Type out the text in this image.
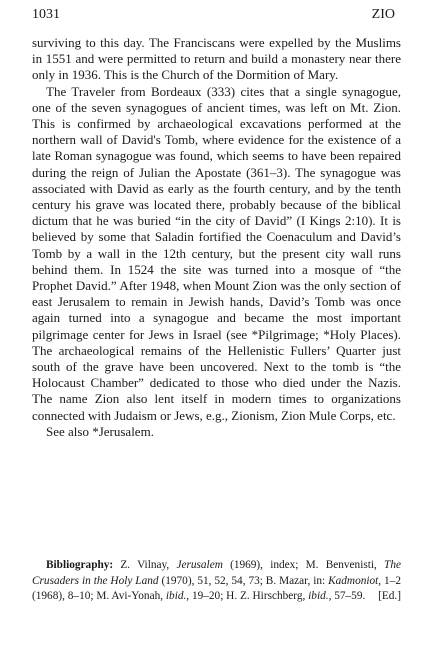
1031	ZIO

surviving to this day. The Franciscans were expelled by the Muslims in 1551 and were permitted to return and build a monastery near there only in 1936. This is the Church of the Dormition of Mary.

The Traveler from Bordeaux (333) cites that a single synagogue, one of the seven synagogues of ancient times, was left on Mt. Zion. This is confirmed by archaeological excavations performed at the northern wall of David's Tomb, where evidence for the existence of a late Roman synagogue was found, which seems to have been repaired during the reign of Julian the Apostate (361–3). The synagogue was associated with David as early as the fourth century, and by the tenth century his grave was located there, probably because of the biblical dictum that he was buried “in the city of David” (I Kings 2:10). It is believed by some that Saladin fortified the Coenaculum and David’s Tomb by a wall in the 12th century, but the present city wall runs behind them. In 1524 the site was turned into a mosque of “the Prophet David.” After 1948, when Mount Zion was the only section of east Jerusalem to remain in Jewish hands, David’s Tomb was once again turned into a synagogue and became the most important pilgrimage center for Jews in Israel (see *Pilgrimage; *Holy Places). The archaeological remains of the Hellenistic Fullers’ Quarter just south of the grave have been uncovered. Next to the tomb is “the Holocaust Chamber” dedicated to those who died under the Nazis. The name Zion also lent itself in modern times to organizations connected with Judaism or Jews, e.g., Zionism, Zion Mule Corps, etc.

See also *Jerusalem.

Bibliography: Z. Vilnay, Jerusalem (1969), index; M. Benvenisti, The Crusaders in the Holy Land (1970), 51, 52, 54, 73; B. Mazar, in: Kadmoniot, 1–2 (1968), 8–10; M. Avi-Yonah, ibid., 19–20; H. Z. Hirschberg, ibid., 57–59. [Ed.]
